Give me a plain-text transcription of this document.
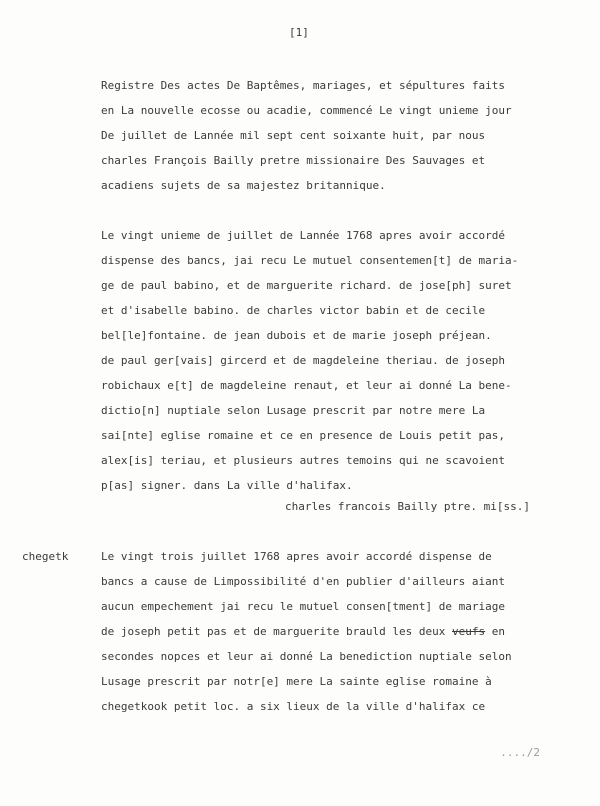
[1]
Registre Des actes De Baptêmes, mariages, et sépultures faits
en La nouvelle ecosse ou acadie, commencé Le vingt unieme jour
De juillet de Lannée mil sept cent soixante huit, par nous
charles François Bailly pretre missionaire Des Sauvages et
acadiens sujets de sa majestez britannique.
Le vingt unieme de juillet de Lannée 1768 apres avoir accordé
dispense des bancs, jai recu Le mutuel consentemen[t] de maria-
ge de paul babino, et de marguerite richard. de jose[ph] suret
et d'isabelle babino. de charles victor babin et de cecile
bel[le]fontaine. de jean dubois et de marie joseph préjean.
de paul ger[vais] gircerd et de magdeleine theriau. de joseph
robichaux e[t] de magdeleine renaut, et leur ai donné La bene-
dictio[n] nuptiale selon Lusage prescrit par notre mere La
sai[nte] eglise romaine et ce en presence de Louis petit pas,
alex[is] teriau, et plusieurs autres temoins qui ne scavoient
p[as] signer. dans La ville d'halifax.
charles francois Bailly ptre. mi[ss.]
chegetk	Le vingt trois juillet 1768 apres avoir accordé dispense de
bancs a cause de Limpossibilité d'en publier d'ailleurs aiant
aucun empechement jai recu le mutuel consen[tment] de mariage
de joseph petit pas et de marguerite brauld les deux veufs en
secondes nopces et leur ai donné La benediction nuptiale selon
Lusage prescrit par notr[e] mere La sainte eglise romaine à
chegetkook petit loc. a six lieux de la ville d'halifax ce
..../2
